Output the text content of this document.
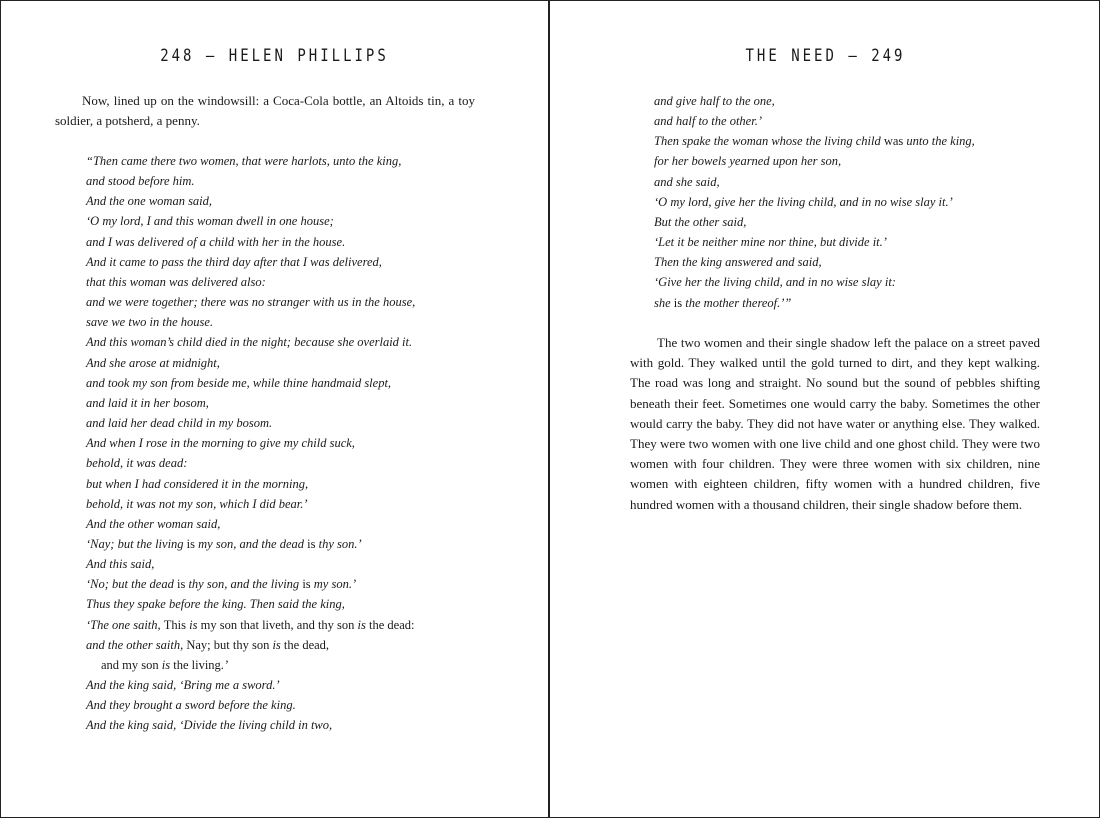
248 — HELEN PHILLIPS

Now, lined up on the windowsill: a Coca-Cola bottle, an Altoids tin, a toy soldier, a potsherd, a penny.

“Then came there two women, that were harlots, unto the king,
and stood before him.
And the one woman said,
‘O my lord, I and this woman dwell in one house;
and I was delivered of a child with her in the house.
And it came to pass the third day after that I was delivered,
that this woman was delivered also:
and we were together; there was no stranger with us in the house,
save we two in the house.
And this woman’s child died in the night; because she overlaid it.
And she arose at midnight,
and took my son from beside me, while thine handmaid slept,
and laid it in her bosom,
and laid her dead child in my bosom.
And when I rose in the morning to give my child suck,
behold, it was dead:
but when I had considered it in the morning,
behold, it was not my son, which I did bear.’
And the other woman said,
‘Nay; but the living is my son, and the dead is thy son.’
And this said,
‘No; but the dead is thy son, and the living is my son.’
Thus they spake before the king. Then said the king,
‘The one saith, This is my son that liveth, and thy son is the dead:
and the other saith, Nay; but thy son is the dead,
and my son is the living.’
And the king said, ‘Bring me a sword.’
And they brought a sword before the king.
And the king said, ‘Divide the living child in two,
THE NEED — 249
and give half to the one,
and half to the other.’
Then spake the woman whose the living child was unto the king,
for her bowels yearned upon her son,
and she said,
‘O my lord, give her the living child, and in no wise slay it.’
But the other said,
‘Let it be neither mine nor thine, but divide it.’
Then the king answered and said,
‘Give her the living child, and in no wise slay it:
she is the mother thereof.’”

The two women and their single shadow left the palace on a street paved with gold. They walked until the gold turned to dirt, and they kept walking. The road was long and straight. No sound but the sound of pebbles shifting beneath their feet. Sometimes one would carry the baby. Sometimes the other would carry the baby. They did not have water or anything else. They walked. They were two women with one live child and one ghost child. They were two women with four children. They were three women with six children, nine women with eighteen children, fifty women with a hundred children, five hundred women with a thousand children, their single shadow before them.
